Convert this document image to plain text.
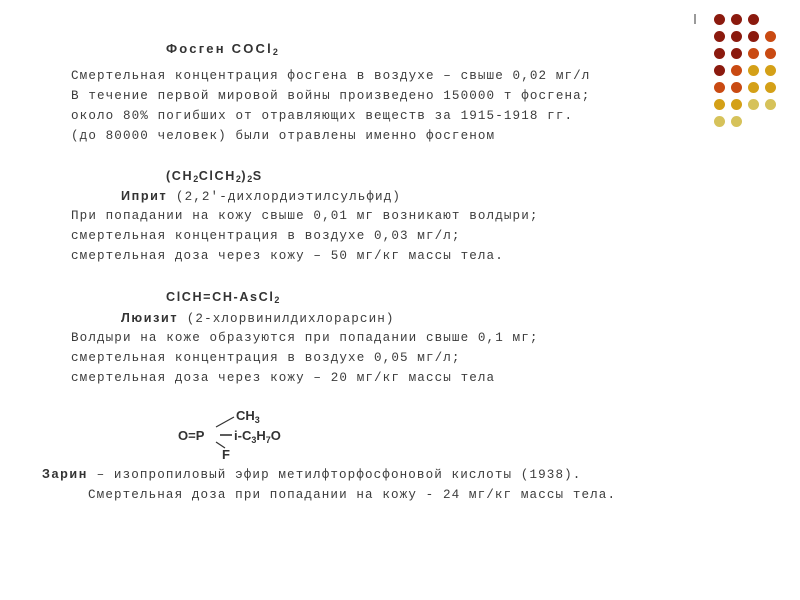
Фосген COCl$_2$
Смертельная концентрация фосгена в воздухе – свыше 0,02 мг/л
В течение первой мировой войны произведено 150000 т фосгена;
около 80% погибших от отравляющих веществ за 1915-1918 гг.
(до 80000 человек) были отравлены именно фосгеном
$(CH_2ClCH_2)_2S$
Иприт (2,2'-дихлордиэтилсульфид)
При попадании на кожу свыше 0,01 мг возникают волдыри;
смертельная концентрация в воздухе 0,03 мг/л;
смертельная доза через кожу – 50 мг/кг массы тела.
ClCH=CH-AsCl$_2$
Люизит (2-хлорвинилдихлорарсин)
Волдыри на коже образуются при попадании свыше 0,1 мг;
смертельная концентрация в воздухе 0,05 мг/л;
смертельная доза через кожу – 20 мг/кг массы тела
$CH_3$
O=P $i-C_3H_7O$
F
Зарин – изопропиловый эфир метилфторфосфоновой кислоты (1938).
Смертельная доза при попадании на кожу - 24 мг/кг массы тела.
